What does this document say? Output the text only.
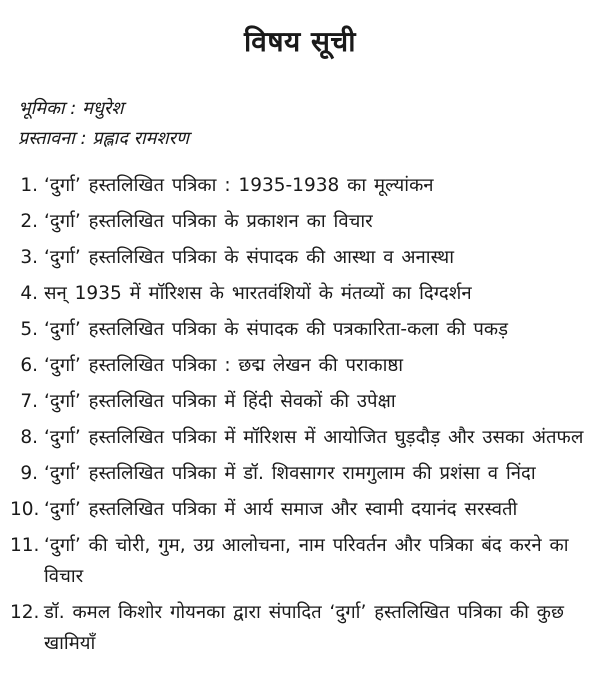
विषय सूची
भूमिका : मधुरेश
प्रस्तावना : प्रह्लाद रामशरण
1. ‘दुर्गा’ हस्तलिखित पत्रिका : 1935-1938 का मूल्यांकन
2. ‘दुर्गा’ हस्तलिखित पत्रिका के प्रकाशन का विचार
3. ‘दुर्गा’ हस्तलिखित पत्रिका के संपादक की आस्था व अनास्था
4. सन् 1935 में मॉरिशस के भारतवंशियों के मंतव्यों का दिग्दर्शन
5. ‘दुर्गा’ हस्तलिखित पत्रिका के संपादक की पत्रकारिता-कला की पकड़
6. ‘दुर्गा’ हस्तलिखित पत्रिका : छद्म लेखन की पराकाष्ठा
7. ‘दुर्गा’ हस्तलिखित पत्रिका में हिंदी सेवकों की उपेक्षा
8. ‘दुर्गा’ हस्तलिखित पत्रिका में मॉरिशस में आयोजित घुड़दौड़ और उसका अंतफल
9. ‘दुर्गा’ हस्तलिखित पत्रिका में डॉ. शिवसागर रामगुलाम की प्रशंसा व निंदा
10. ‘दुर्गा’ हस्तलिखित पत्रिका में आर्य समाज और स्वामी दयानंद सरस्वती
11. ‘दुर्गा’ की चोरी, गुम, उग्र आलोचना, नाम परिवर्तन और पत्रिका बंद करने का विचार
12. डॉ. कमल किशोर गोयनका द्वारा संपादित ‘दुर्गा’ हस्तलिखित पत्रिका की कुछ खामियाँ
